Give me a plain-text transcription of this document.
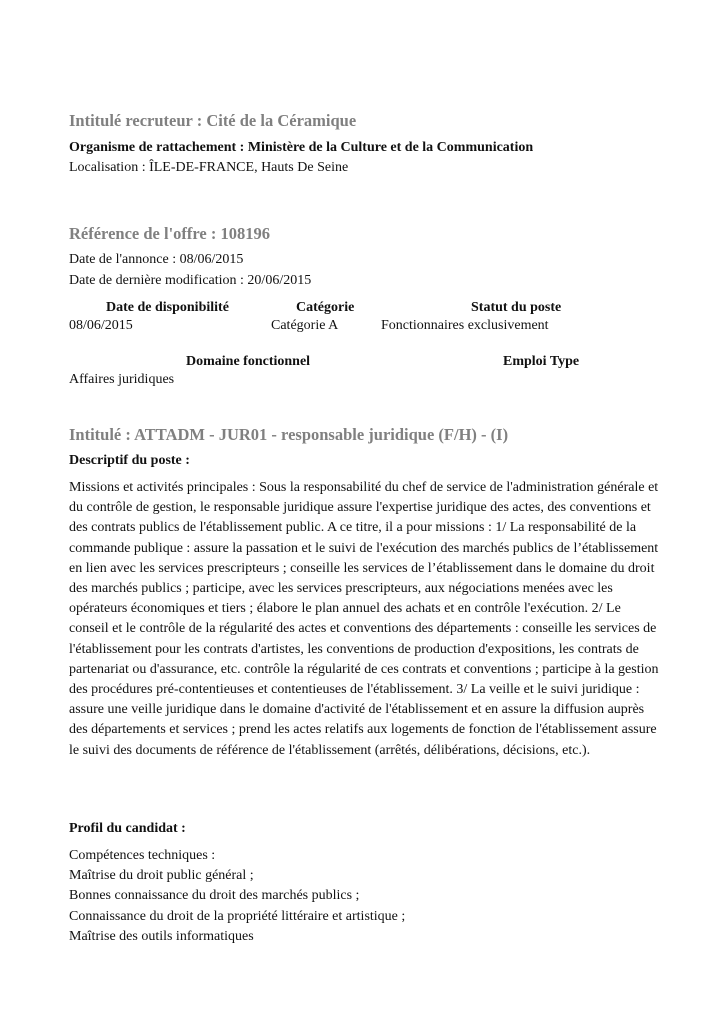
Intitulé recruteur : Cité de la Céramique

Organisme de rattachement : Ministère de la Culture et de la Communication

Localisation : ÎLE-DE-FRANCE, Hauts De Seine

Référence de l'offre : 108196

Date de l'annonce : 08/06/2015

Date de dernière modification : 20/06/2015

Date de disponibilité	Catégorie	Statut du poste
08/06/2015	Catégorie A	Fonctionnaires exclusivement
Domaine fonctionnel	Emploi Type
Affaires juridiques
Intitulé : ATTADM - JUR01 - responsable juridique (F/H) - (I)

Descriptif du poste :

Missions et activités principales : Sous la responsabilité du chef de service de l'administration générale et du contrôle de gestion, le responsable juridique assure l'expertise juridique des actes, des conventions et des contrats publics de l'établissement public. A ce titre, il a pour missions : 1/ La responsabilité de la commande publique : assure la passation et le suivi de l'exécution des marchés publics de l’établissement en lien avec les services prescripteurs ; conseille les services de l’établissement dans le domaine du droit des marchés publics ; participe, avec les services prescripteurs, aux négociations menées avec les opérateurs économiques et tiers ; élabore le plan annuel des achats et en contrôle l'exécution. 2/ Le conseil et le contrôle de la régularité des actes et conventions des départements : conseille les services de l'établissement pour les contrats d'artistes, les conventions de production d'expositions, les contrats de partenariat ou d'assurance, etc. contrôle la régularité de ces contrats et conventions ; participe à la gestion des procédures pré-contentieuses et contentieuses de l'établissement. 3/ La veille et le suivi juridique : assure une veille juridique dans le domaine d'activité de l'établissement et en assure la diffusion auprès des départements et services ; prend les actes relatifs aux logements de fonction de l'établissement assure le suivi des documents de référence de l'établissement (arrêtés, délibérations, décisions, etc.).

Profil du candidat :

Compétences techniques :
Maîtrise du droit public général ;
Bonnes connaissance du droit des marchés publics ;
Connaissance du droit de la propriété littéraire et artistique ;
Maîtrise des outils informatiques
